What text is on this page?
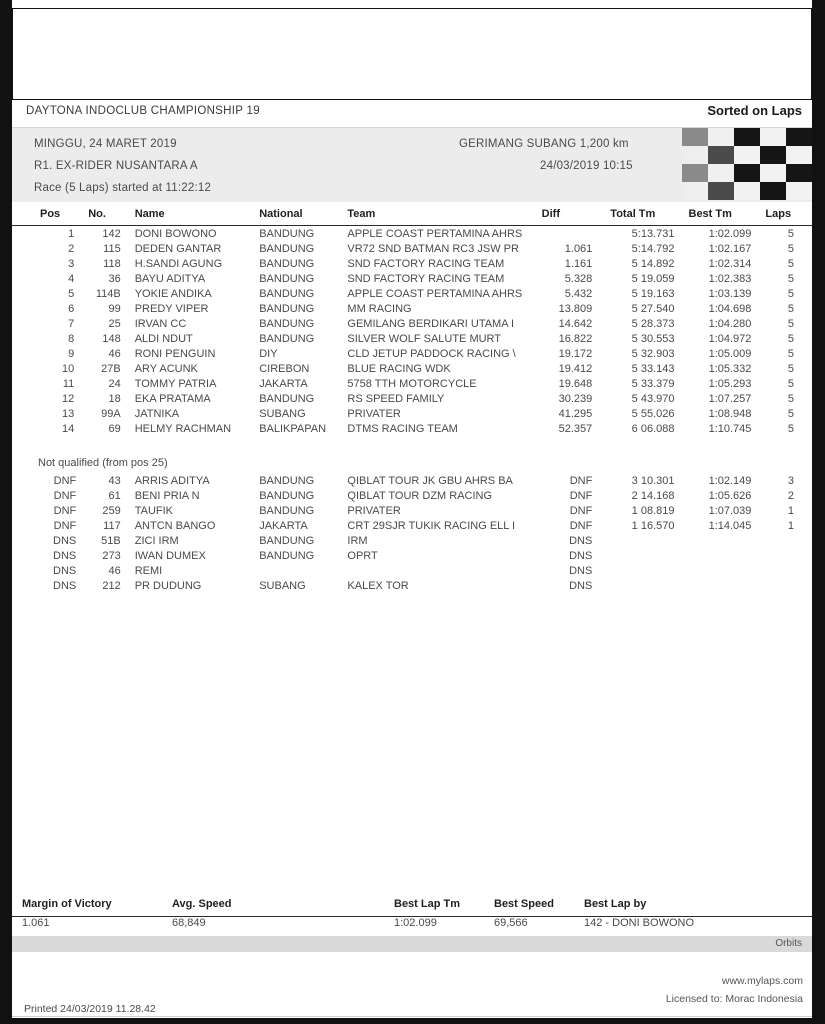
DAYTONA INDOCLUB CHAMPIONSHIP 19	Sorted on Laps
MINGGU, 24 MARET 2019
R1. EX-RIDER NUSANTARA A
Race (5 Laps) started at 11:22:12
GERIMANG SUBANG 1,200 km
24/03/2019 10:15
Pos	No.	Name	National	Team	Diff	Total Tm	Best Tm	Laps
1	142	DONI BOWONO	BANDUNG	APPLE COAST PERTAMINA AHRS		5:13.731	1:02.099	5
2	115	DEDEN GANTAR	BANDUNG	VR72 SND BATMAN RC3 JSW PR	1.061	5:14.792	1:02.167	5
3	118	H.SANDI AGUNG	BANDUNG	SND FACTORY RACING TEAM	1.161	5 14.892	1:02.314	5
4	36	BAYU ADITYA	BANDUNG	SND FACTORY RACING TEAM	5.328	5 19.059	1:02.383	5
5	114B	YOKIE ANDIKA	BANDUNG	APPLE COAST PERTAMINA AHRS	5.432	5 19.163	1:03.139	5
6	99	PREDY VIPER	BANDUNG	MM RACING	13.809	5 27.540	1:04.698	5
7	25	IRVAN CC	BANDUNG	GEMILANG BERDIKARI UTAMA I	14.642	5 28.373	1:04.280	5
8	148	ALDI NDUT	BANDUNG	SILVER WOLF SALUTE MURT	16.822	5 30.553	1:04.972	5
9	46	RONI PENGUIN	DIY	CLD JETUP PADDOCK RACING \	19.172	5 32.903	1:05.009	5
10	27B	ARY ACUNK	CIREBON	BLUE RACING WDK	19.412	5 33.143	1:05.332	5
11	24	TOMMY PATRIA	JAKARTA	5758 TTH MOTORCYCLE	19.648	5 33.379	1:05.293	5
12	18	EKA PRATAMA	BANDUNG	RS SPEED FAMILY	30.239	5 43.970	1:07.257	5
13	99A	JATNIKA	SUBANG	PRIVATER	41.295	5 55.026	1:08.948	5
14	69	HELMY RACHMAN	BALIKPAPAN	DTMS RACING TEAM	52.357	6 06.088	1:10.745	5

Not qualified (from pos 25)								
DNF	43	ARRIS ADITYA	BANDUNG	QIBLAT TOUR JK GBU AHRS BA	DNF	3 10.301	1:02.149	3
DNF	61	BENI PRIA N	BANDUNG	QIBLAT TOUR DZM RACING	DNF	2 14.168	1:05.626	2
DNF	259	TAUFIK	BANDUNG	PRIVATER	DNF	1 08.819	1:07.039	1
DNF	117	ANTCN BANGO	JAKARTA	CRT 29SJR TUKIK RACING ELL I	DNF	1 16.570	1:14.045	1
DNS	51B	ZICI IRM	BANDUNG	IRM	DNS			
DNS	273	IWAN DUMEX	BANDUNG	OPRT	DNS			
DNS	46	REMI			DNS			
DNS	212	PR DUDUNG	SUBANG	KALEX TOR	DNS			
Margin of Victory	Avg. Speed	Best Lap Tm	Best Speed	Best Lap by
1.061	68,849	1:02.099	69,566	142 - DONI BOWONO
Orbits
www.mylaps.com
Licensed to: Morac Indonesia
Printed 24/03/2019 11.28.42
